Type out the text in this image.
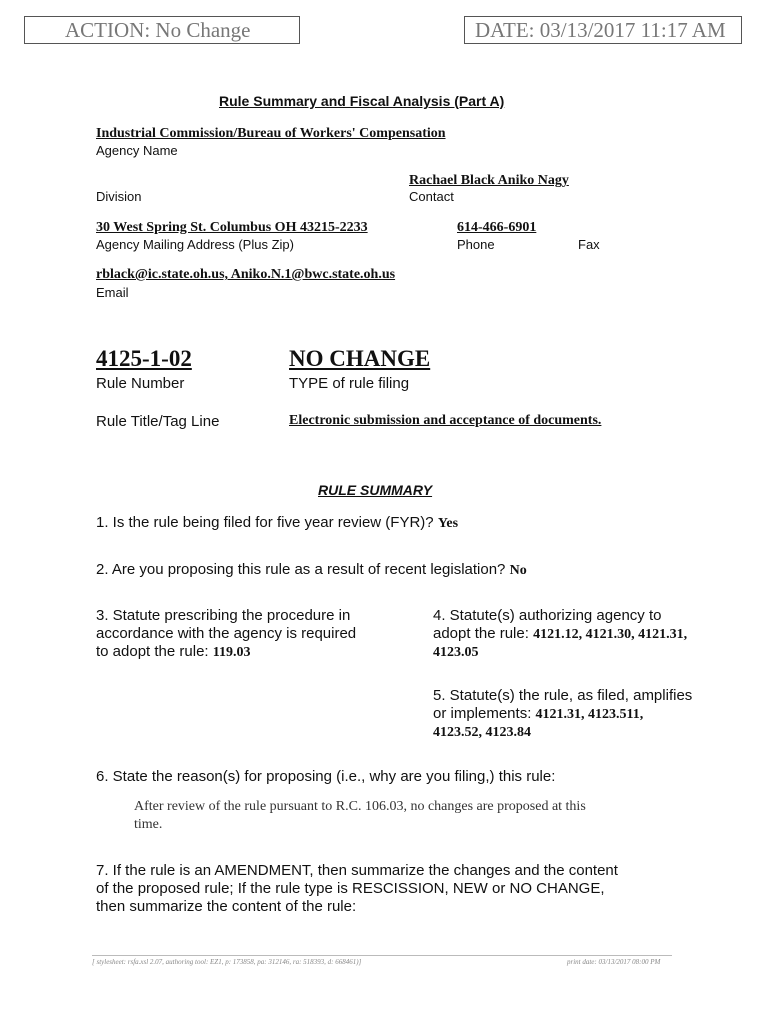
ACTION: No Change	DATE: 03/13/2017 11:17 AM
Rule Summary and Fiscal Analysis (Part A)
Industrial Commission/Bureau of Workers' Compensation
Agency Name
Rachael Black Aniko Nagy
Division	Contact
30 West Spring St. Columbus OH 43215-2233	614-466-6901
Agency Mailing Address (Plus Zip)	Phone	Fax
rblack@ic.state.oh.us, Aniko.N.1@bwc.state.oh.us
Email
4125-1-02	NO CHANGE
Rule Number	TYPE of rule filing
Rule Title/Tag Line	Electronic submission and acceptance of documents.
RULE SUMMARY
1. Is the rule being filed for five year review (FYR)? Yes
2. Are you proposing this rule as a result of recent legislation? No
3. Statute prescribing the procedure in
accordance with the agency is required
to adopt the rule: 119.03
4. Statute(s) authorizing agency to
adopt the rule: 4121.12, 4121.30, 4121.31,
4123.05
5. Statute(s) the rule, as filed, amplifies
or implements: 4121.31, 4123.511,
4123.52, 4123.84
6. State the reason(s) for proposing (i.e., why are you filing,) this rule:
After review of the rule pursuant to R.C. 106.03, no changes are proposed at this
time.
7. If the rule is an AMENDMENT, then summarize the changes and the content
of the proposed rule; If the rule type is RESCISSION, NEW or NO CHANGE,
then summarize the content of the rule:
[ stylesheet: rsfa.xsl 2.07, authoring tool: EZ1, p: 173858, pa: 312146, ra: 518393, d: 668461)]	print date: 03/13/2017 08:00 PM
